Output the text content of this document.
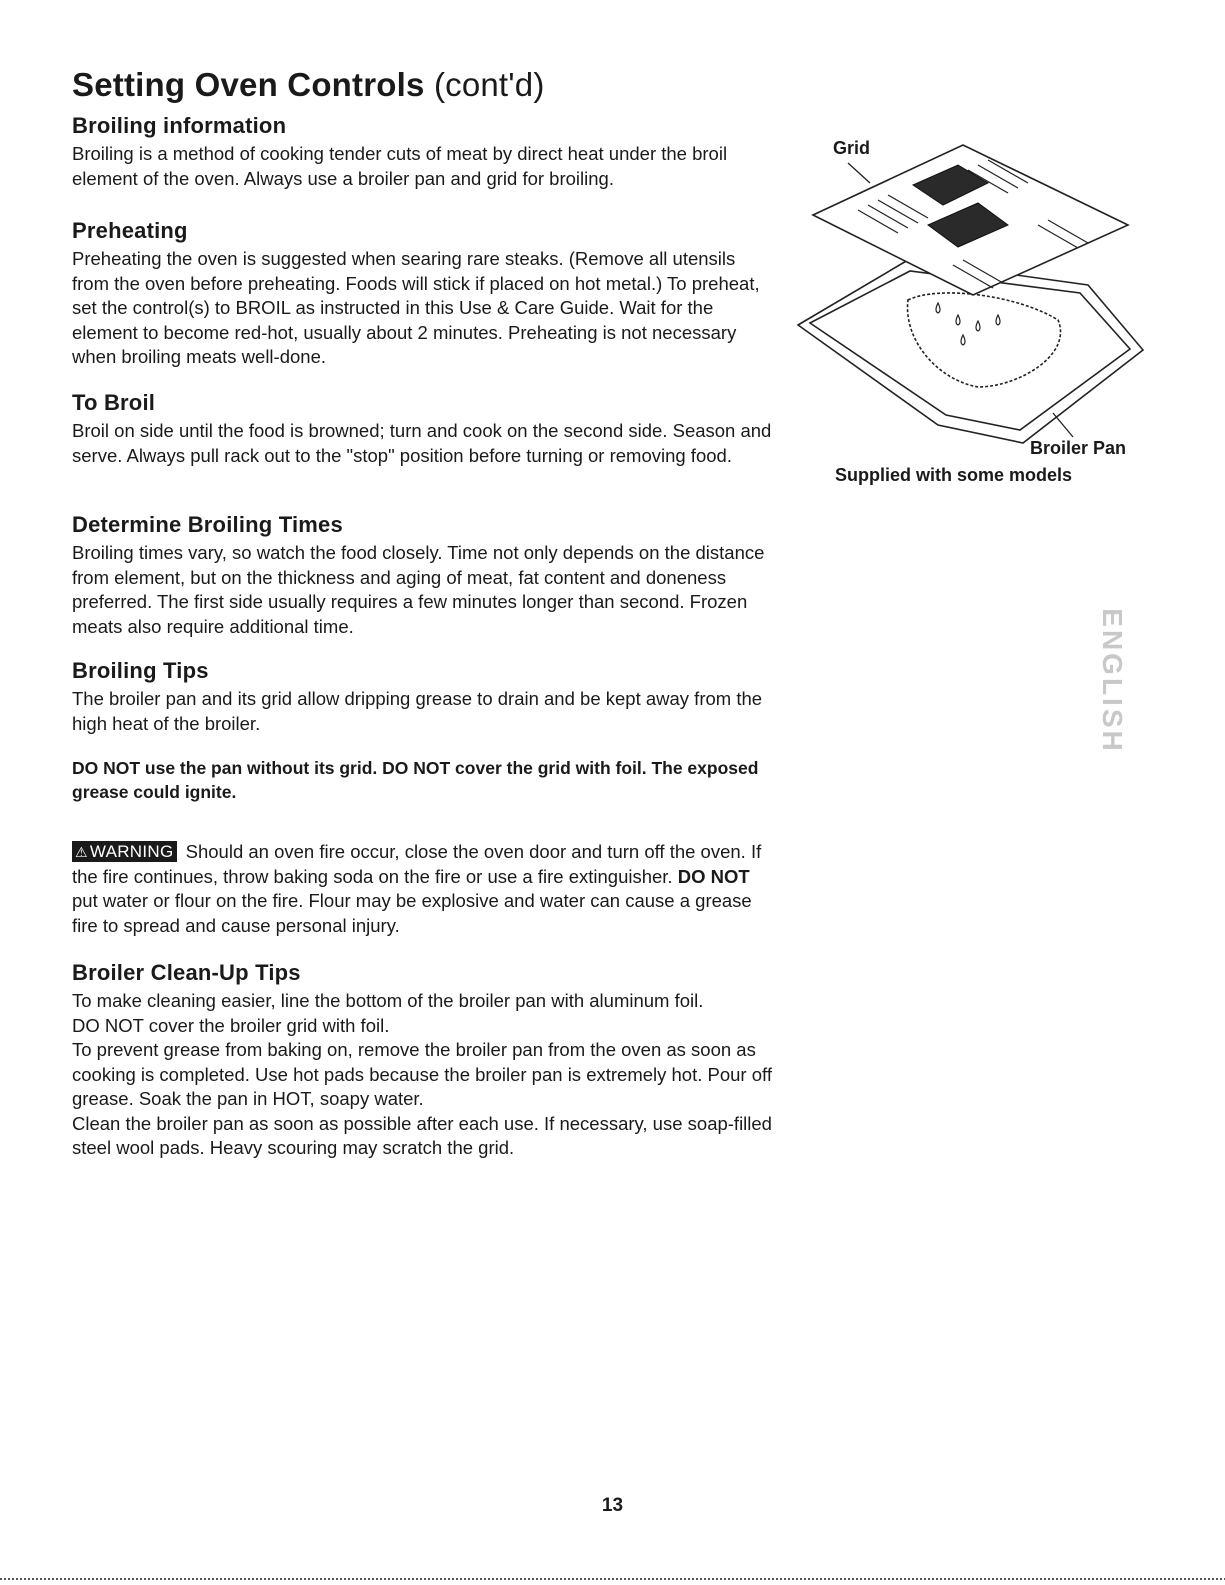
Setting Oven Controls (cont'd)
Broiling information

Broiling is a method of cooking tender cuts of meat by direct heat under the broil element of the oven. Always use a broiler pan and grid for broiling.

Preheating

Preheating the oven is suggested when searing rare steaks. (Remove all utensils from the oven before preheating. Foods will stick if placed on hot metal.) To preheat, set the control(s) to BROIL as instructed in this Use & Care Guide. Wait for the element to become red-hot, usually about 2 minutes. Preheating is not necessary when broiling meats well-done.

To Broil

Broil on side until the food is browned; turn and cook on the second side. Season and serve. Always pull rack out to the "stop" position before turning or removing food.

Determine Broiling Times

Broiling times vary, so watch the food closely. Time not only depends on the distance from element, but on the thickness and aging of meat, fat content and doneness preferred. The first side usually requires a few minutes longer than second. Frozen meats also require additional time.

Broiling Tips

The broiler pan and its grid allow dripping grease to drain and be kept away from the high heat of the broiler.

DO NOT use the pan without its grid. DO NOT cover the grid with foil. The exposed grease could ignite.

⚠ WARNING Should an oven fire occur, close the oven door and turn off the oven. If the fire continues, throw baking soda on the fire or use a fire extinguisher. DO NOT put water or flour on the fire. Flour may be explosive and water can cause a grease fire to spread and cause personal injury.

Broiler Clean-Up Tips

To make cleaning easier, line the bottom of the broiler pan with aluminum foil.

DO NOT cover the broiler grid with foil.

To prevent grease from baking on, remove the broiler pan from the oven as soon as cooking is completed. Use hot pads because the broiler pan is extremely hot. Pour off grease. Soak the pan in HOT, soapy water.

Clean the broiler pan as soon as possible after each use. If necessary, use soap-filled steel wool pads. Heavy scouring may scratch the grid.

Grid
Broiler Pan
Supplied with some models
ENGLISH
13
